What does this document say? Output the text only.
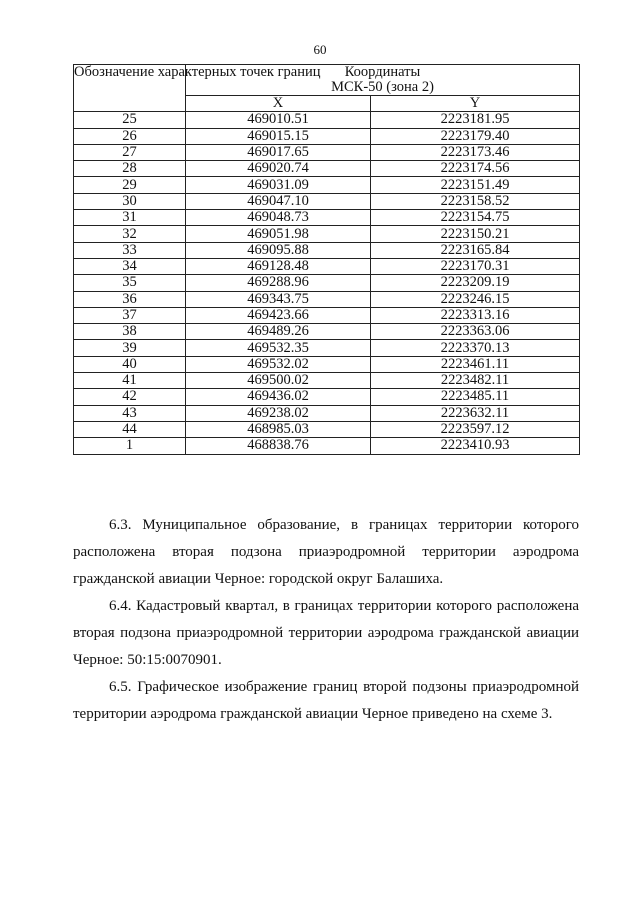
60
Обозначение характерных точек границ	Координаты
МСК-50 (зона 2)	
	X	Y
25	469010.51	2223181.95
26	469015.15	2223179.40
27	469017.65	2223173.46
28	469020.74	2223174.56
29	469031.09	2223151.49
30	469047.10	2223158.52
31	469048.73	2223154.75
32	469051.98	2223150.21
33	469095.88	2223165.84
34	469128.48	2223170.31
35	469288.96	2223209.19
36	469343.75	2223246.15
37	469423.66	2223313.16
38	469489.26	2223363.06
39	469532.35	2223370.13
40	469532.02	2223461.11
41	469500.02	2223482.11
42	469436.02	2223485.11
43	469238.02	2223632.11
44	468985.03	2223597.12
1	468838.76	2223410.93

6.3. Муниципальное образование, в границах территории которого расположена вторая подзона приаэродромной территории аэродрома гражданской авиации Черное: городской округ Балашиха.

6.4. Кадастровый квартал, в границах территории которого расположена вторая подзона приаэродромной территории аэродрома гражданской авиации Черное: 50:15:0070901.

6.5. Графическое изображение границ второй подзоны приаэродромной территории аэродрома гражданской авиации Черное приведено на схеме 3.
